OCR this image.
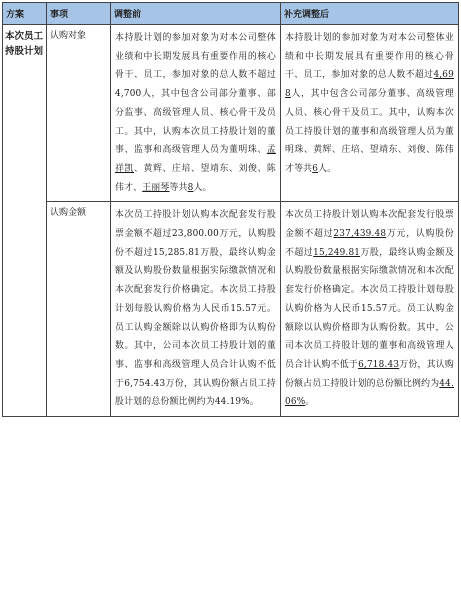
方案	事项	调整前	补充调整后
本次员工持股计划	认购对象	本持股计划的参加对象为对本公司整体业绩和中长期发展具有重要作用的核心骨干、员工，参加对象的总人数不超过4,700人，其中包含公司部分董事、部分监事、高级管理人员、核心骨干及员工。其中，认购本次员工持股计划的董事、监事和高级管理人员为董明珠、孟祥凯、黄辉、庄培、望靖东、刘俊、陈伟才、王丽琴等共8人。	本持股计划的参加对象为对本公司整体业绩和中长期发展具有重要作用的核心骨干、员工，参加对象的总人数不超过4,698人，其中包含公司部分董事、高级管理人员、核心骨干及员工。其中，认购本次员工持股计划的董事和高级管理人员为董明珠、黄辉、庄培、望靖东、刘俊、陈伟才等共6人。
	认购金额	本次员工持股计划认购本次配套发行股票金额不超过23,800.00万元，认购股份不超过15,285.81万股，最终认购金额及认购股份数量根据实际缴款情况和本次配套发行价格确定。本次员工持股计划每股认购价格为人民币15.57元。员工认购金额除以认购价格即为认购份数。其中，公司本次员工持股计划的董事、监事和高级管理人员合计认购不低于6,754.43万份，其认购份额占员工持股计划的总份额比例约为44.19%。	本次员工持股计划认购本次配套发行股票金额不超过237,439.48万元，认购股份不超过15,249.81万股，最终认购金额及认购股份数量根据实际缴款情况和本次配套发行价格确定。本次员工持股计划每股认购价格为人民币15.57元。员工认购金额除以认购价格即为认购份数。其中，公司本次员工持股计划的董事和高级管理人员合计认购不低于6,718.43万份，其认购份额占员工持股计划的总份额比例约为44.06%。
